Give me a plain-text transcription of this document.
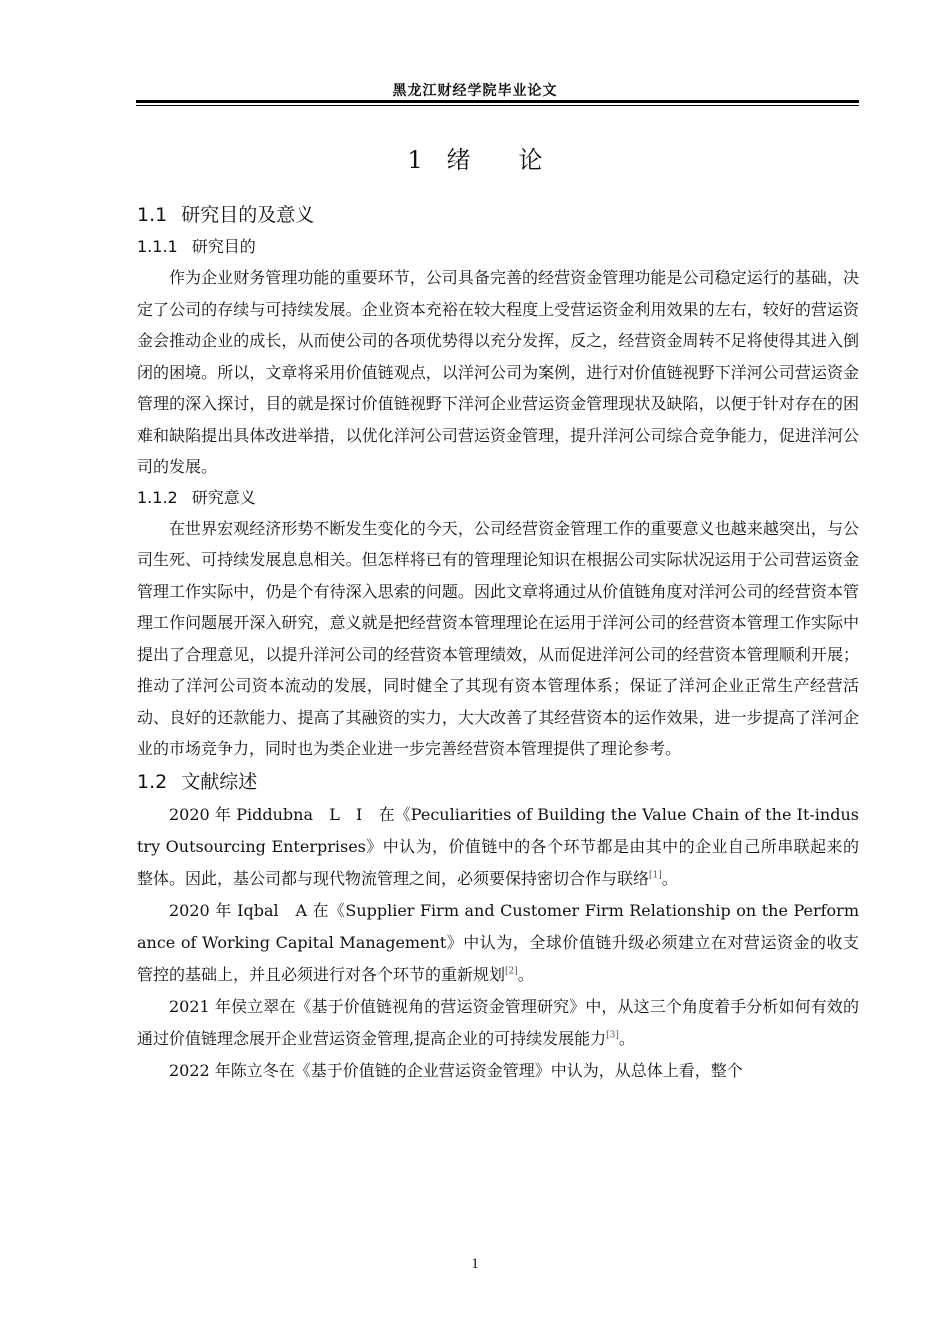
黑龙江财经学院毕业论文
1 绪　　论
1.1 研究目的及意义
1.1.1 研究目的

作为企业财务管理功能的重要环节，公司具备完善的经营资金管理功能是公司稳定运行的基础，决定了公司的存续与可持续发展。企业资本充裕在较大程度上受营运资金利用效果的左右，较好的营运资金会推动企业的成长，从而使公司的各项优势得以充分发挥，反之，经营资金周转不足将使得其进入倒闭的困境。所以，文章将采用价值链观点，以洋河公司为案例，进行对价值链视野下洋河公司营运资金管理的深入探讨，目的就是探讨价值链视野下洋河企业营运资金管理现状及缺陷，以便于针对存在的困难和缺陷提出具体改进举措，以优化洋河公司营运资金管理，提升洋河公司综合竞争能力，促进洋河公司的发展。

1.1.2 研究意义

在世界宏观经济形势不断发生变化的今天，公司经营资金管理工作的重要意义也越来越突出，与公司生死、可持续发展息息相关。但怎样将已有的管理理论知识在根据公司实际状况运用于公司营运资金管理工作实际中，仍是个有待深入思索的问题。因此文章将通过从价值链角度对洋河公司的经营资本管理工作问题展开深入研究，意义就是把经营资本管理理论在运用于洋河公司的经营资本管理工作实际中提出了合理意见，以提升洋河公司的经营资本管理绩效，从而促进洋河公司的经营资本管理顺利开展；推动了洋河公司资本流动的发展，同时健全了其现有资本管理体系；保证了洋河企业正常生产经营活动、良好的还款能力、提高了其融资的实力，大大改善了其经营资本的运作效果，进一步提高了洋河企业的市场竞争力，同时也为类企业进一步完善经营资本管理提供了理论参考。

1.2 文献综述

2020 年 Piddubna　L　I　在《Peculiarities of Building the Value Chain of the It-industry Outsourcing Enterprises》中认为，价值链中的各个环节都是由其中的企业自己所串联起来的整体。因此，基公司都与现代物流管理之间，必须要保持密切合作与联络[1]。

2020 年 Iqbal　A 在《Supplier Firm and Customer Firm Relationship on the Performance of Working Capital Management》中认为，全球价值链升级必须建立在对营运资金的收支管控的基础上，并且必须进行对各个环节的重新规划[2]。

2021 年侯立翠在《基于价值链视角的营运资金管理研究》中，从这三个角度着手分析如何有效的通过价值链理念展开企业营运资金管理,提高企业的可持续发展能力[3]。

2022 年陈立冬在《基于价值链的企业营运资金管理》中认为，从总体上看，整个

1
